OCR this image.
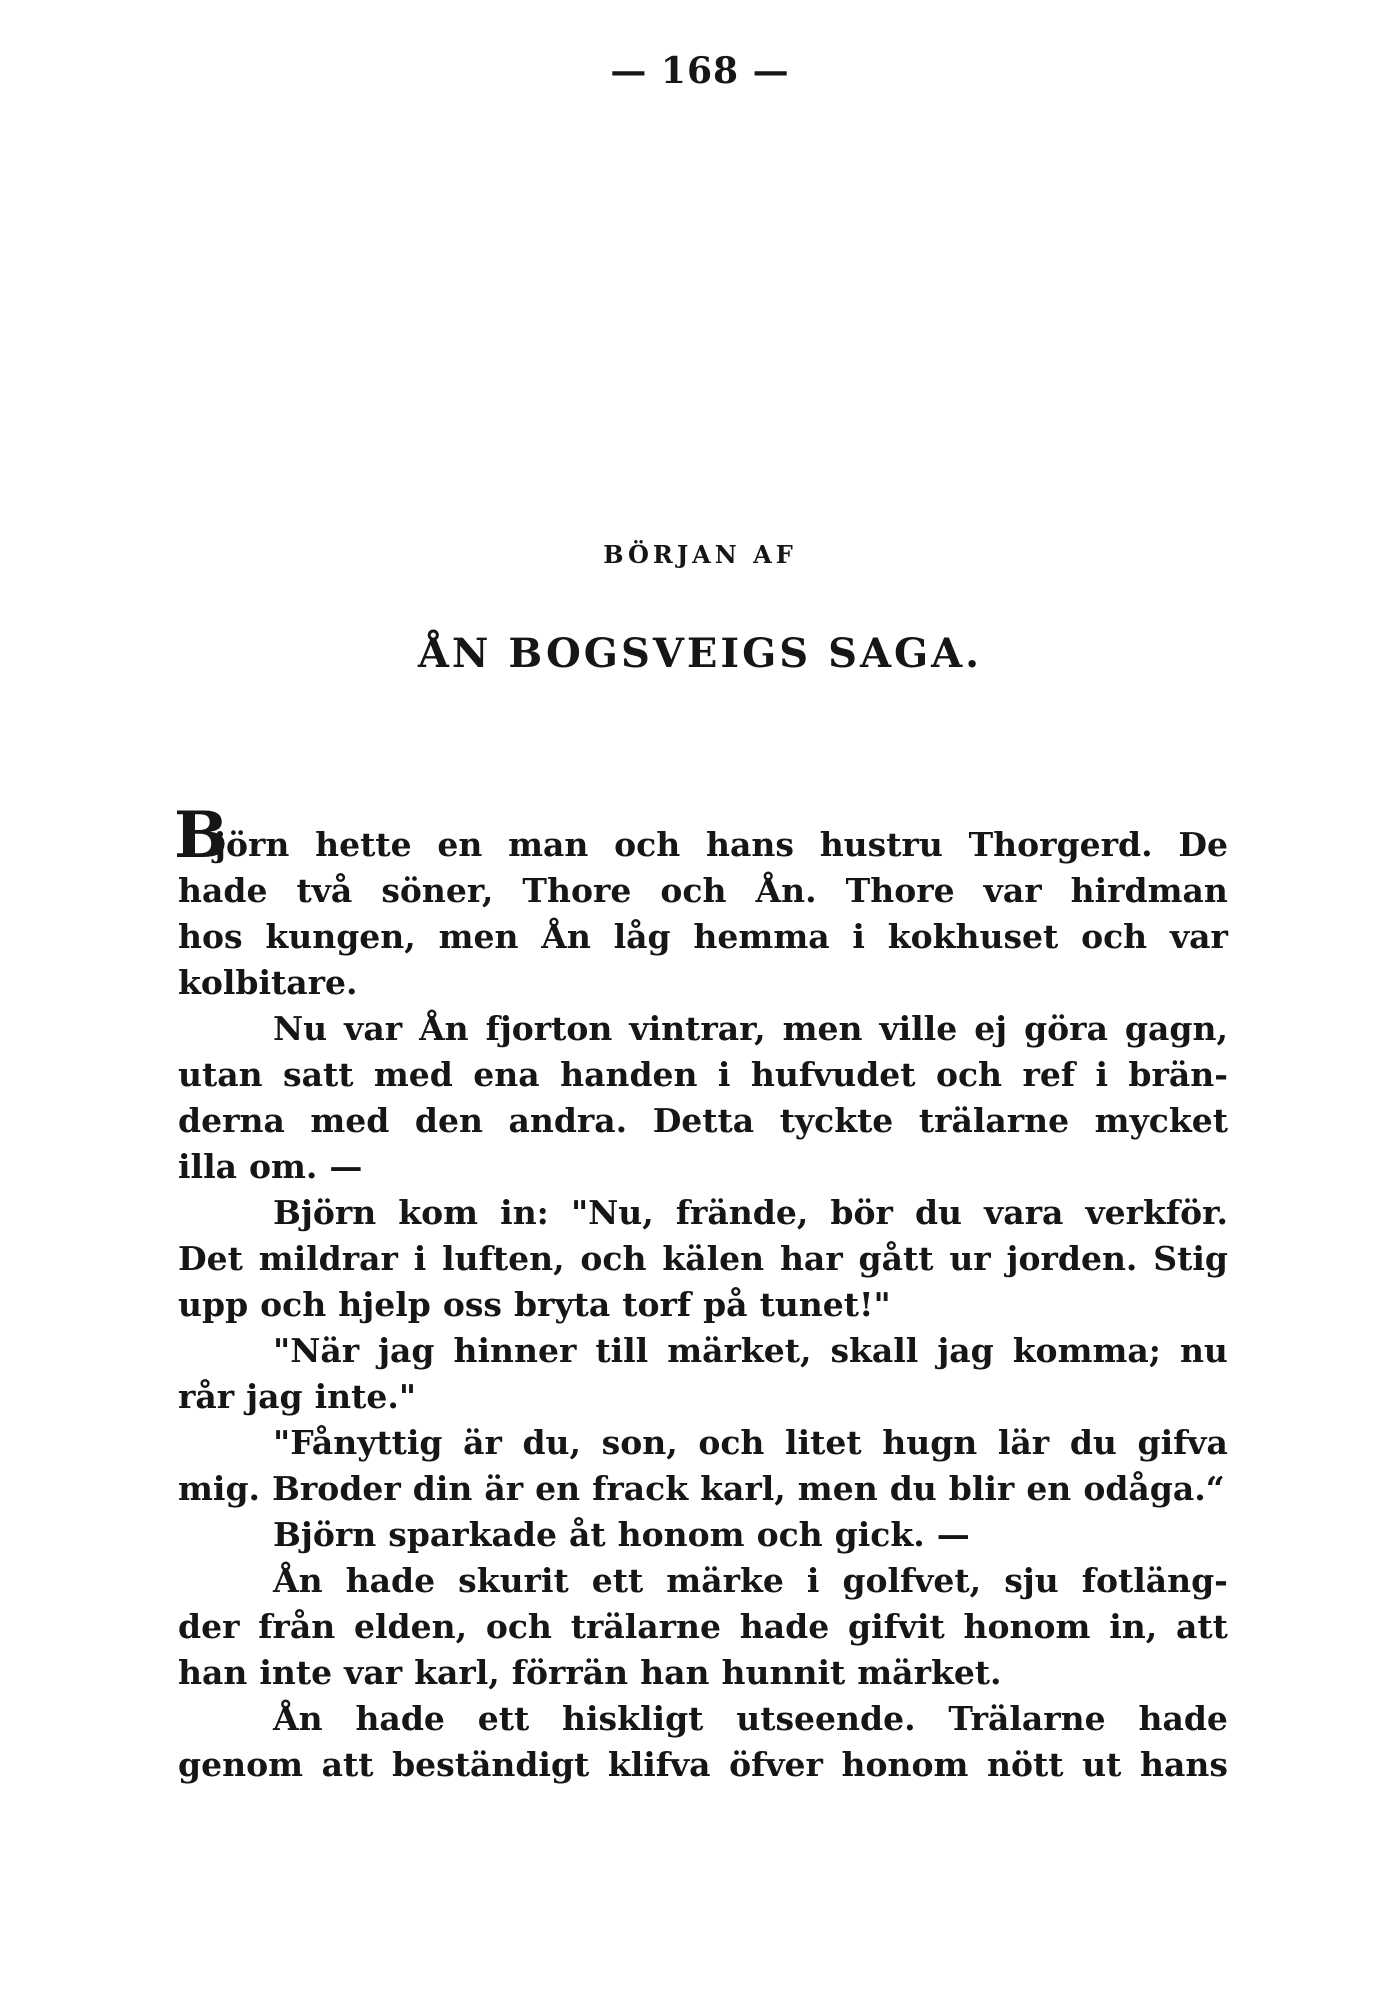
— 168 —
BÖRJAN AF
ÅN BOGSVEIGS SAGA.
B
jörn hette en man och hans hustru Thorgerd. De
hade två söner, Thore och Ån. Thore var hirdman
hos kungen, men Ån låg hemma i kokhuset och var
kolbitare.
Nu var Ån fjorton vintrar, men ville ej göra gagn,
utan satt med ena handen i hufvudet och ref i brän-
derna med den andra. Detta tyckte trälarne mycket
illa om. —
Björn kom in: "Nu, frände, bör du vara verkför.
Det mildrar i luften, och kälen har gått ur jorden. Stig
upp och hjelp oss bryta torf på tunet!"
"När jag hinner till märket, skall jag komma; nu
rår jag inte."
"Fånyttig är du, son, och litet hugn lär du gifva
mig. Broder din är en frack karl, men du blir en odåga.“
Björn sparkade åt honom och gick. —
Ån hade skurit ett märke i golfvet, sju fotläng-
der från elden, och trälarne hade gifvit honom in, att
han inte var karl, förrän han hunnit märket.
Ån hade ett hiskligt utseende. Trälarne hade
genom att beständigt klifva öfver honom nött ut hans
